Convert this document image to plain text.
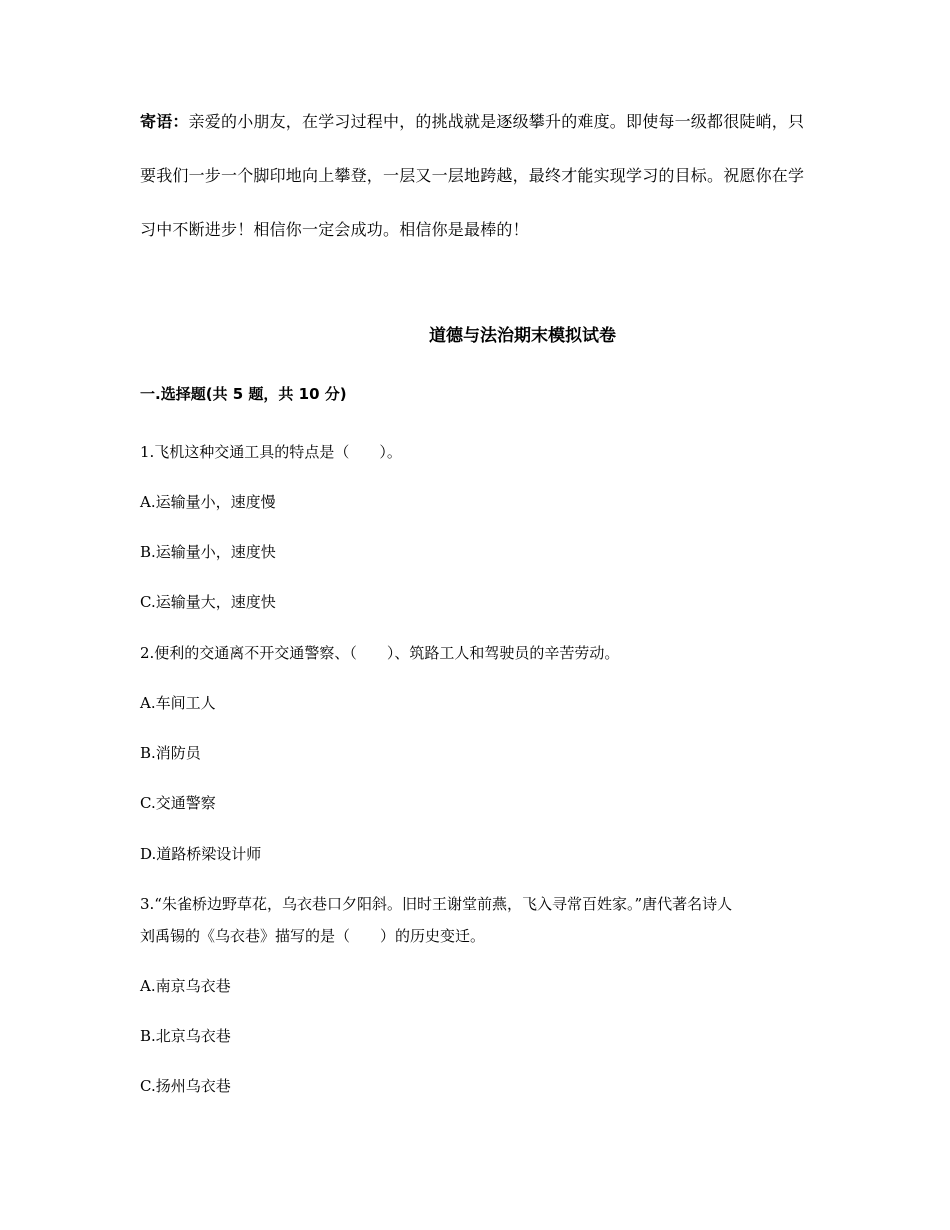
寄语：亲爱的小朋友，在学习过程中，的挑战就是逐级攀升的难度。即使每一级都很陡峭，只
要我们一步一个脚印地向上攀登，一层又一层地跨越，最终才能实现学习的目标。祝愿你在学
习中不断进步！相信你一定会成功。相信你是最棒的！
道德与法治期末模拟试卷
一.选择题(共 5 题，共 10 分)
1.飞机这种交通工具的特点是（　　）。
A.运输量小，速度慢
B.运输量小，速度快
C.运输量大，速度快
2.便利的交通离不开交通警察、（　　）、筑路工人和驾驶员的辛苦劳动。
A.车间工人
B.消防员
C.交通警察
D.道路桥梁设计师
3.“朱雀桥边野草花，乌衣巷口夕阳斜。旧时王谢堂前燕，飞入寻常百姓家。”唐代著名诗人
刘禹锡的《乌衣巷》描写的是（　　）的历史变迁。
A.南京乌衣巷
B.北京乌衣巷
C.扬州乌衣巷
